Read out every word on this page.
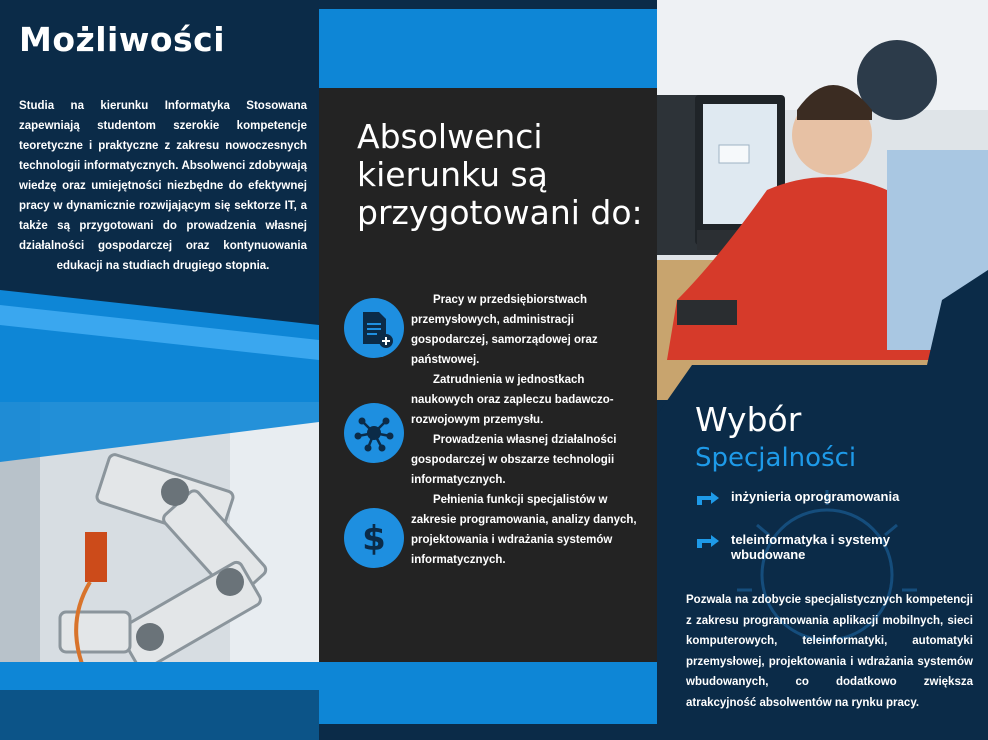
Możliwości
Studia na kierunku Informatyka Stosowana zapewniają studentom szerokie kompetencje teoretyczne i praktyczne z zakresu nowoczesnych technologii informatycznych. Absolwenci zdobywają wiedzę oraz umiejętności niezbędne do efektywnej pracy w dynamicznie rozwijającym się sektorze IT, a także są przygotowani do prowadzenia własnej działalności gospodarczej oraz kontynuowania edukacji na studiach drugiego stopnia.
Absolwenci kierunku są przygotowani do:
$

Pracy w przedsiębiorstwach przemysłowych, administracji gospodarczej, samorządowej oraz państwowej.

Zatrudnienia w jednostkach naukowych oraz zapleczu badawczo-rozwojowym przemysłu.

Prowadzenia własnej działalności gospodarczej w obszarze technologii informatycznych.

Pełnienia funkcji specjalistów w zakresie programowania, analizy danych, projektowania i wdrażania systemów informatycznych.

Wybór
Specjalności
inżynieria oprogramowania
teleinformatyka i systemy wbudowane
Pozwala na zdobycie specjalistycznych kompetencji z zakresu programowania aplikacji mobilnych, sieci komputerowych, teleinformatyki, automatyki przemysłowej, projektowania i wdrażania systemów wbudowanych, co dodatkowo zwiększa atrakcyjność absolwentów na rynku pracy.
